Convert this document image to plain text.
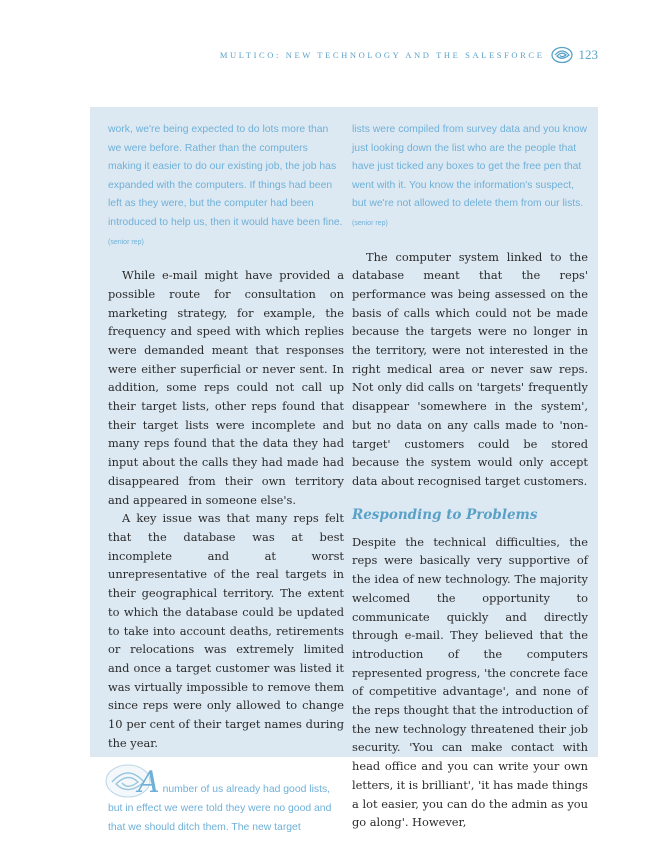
MULTICO: NEW TECHNOLOGY AND THE SALESFORCE	123

work, we're being expected to do lots more than we were before. Rather than the computers making it easier to do our existing job, the job has expanded with the computers. If things had been left as they were, but the computer had been introduced to help us, then it would have been fine. (senior rep)

While e-mail might have provided a possible route for consultation on marketing strategy, for example, the frequency and speed with which replies were demanded meant that responses were either superficial or never sent. In addition, some reps could not call up their target lists, other reps found that their target lists were incomplete and many reps found that the data they had input about the calls they had made had disappeared from their own territory and appeared in someone else's.

A key issue was that many reps felt that the database was at best incomplete and at worst unrepresentative of the real targets in their geographical territory. The extent to which the database could be updated to take into account deaths, retirements or relocations was extremely limited and once a target customer was listed it was virtually impossible to remove them since reps were only allowed to change 10 per cent of their target names during the year.

A number of us already had good lists, but in effect we were told they were no good and that we should ditch them. The new target

lists were compiled from survey data and you know just looking down the list who are the people that have just ticked any boxes to get the free pen that went with it. You know the information's suspect, but we're not allowed to delete them from our lists. (senior rep)

The computer system linked to the database meant that the reps' performance was being assessed on the basis of calls which could not be made because the targets were no longer in the territory, were not interested in the right medical area or never saw reps. Not only did calls on 'targets' frequently disappear 'somewhere in the system', but no data on any calls made to 'non-target' customers could be stored because the system would only accept data about recognised target customers.

Responding to Problems

Despite the technical difficulties, the reps were basically very supportive of the idea of new technology. The majority welcomed the opportunity to communicate quickly and directly through e-mail. They believed that the introduction of the computers represented progress, 'the concrete face of competitive advantage', and none of the reps thought that the introduction of the new technology threatened their job security. 'You can make contact with head office and you can write your own letters, it is brilliant', 'it has made things a lot easier, you can do the admin as you go along'. However,
